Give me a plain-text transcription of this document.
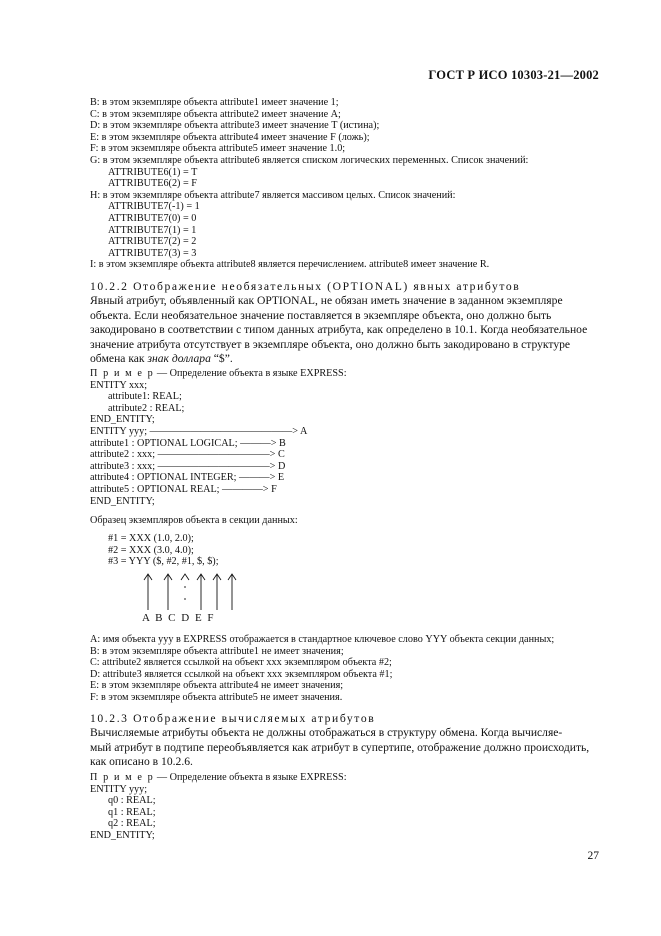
ГОСТ Р ИСО 10303-21—2002
B: в этом экземпляре объекта attribute1 имеет значение 1;
C: в этом экземпляре объекта attribute2 имеет значение A;
D: в этом экземпляре объекта attribute3 имеет значение T (истина);
E: в этом экземпляре объекта attribute4 имеет значение F (ложь);
F: в этом экземпляре объекта attribute5 имеет значение 1.0;
G: в этом экземпляре объекта attribute6 является списком логических переменных. Список значений:
ATTRIBUTE6(1) = T
ATTRIBUTE6(2) = F
H: в этом экземпляре объекта attribute7 является массивом целых. Список значений:
ATTRIBUTE7(-1) = 1
ATTRIBUTE7(0) = 0
ATTRIBUTE7(1) = 1
ATTRIBUTE7(2) = 2
ATTRIBUTE7(3) = 3
I: в этом экземпляре объекта attribute8 является перечислением. attribute8 имеет значение R.
10.2.2 Отображение необязательных (OPTIONAL) явных атрибутов
Явный атрибут, объявленный как OPTIONAL, не обязан иметь значение в заданном экземпляре
объекта. Если необязательное значение поставляется в экземпляре объекта, оно должно быть
закодировано в соответствии с типом данных атрибута, как определено в 10.1. Когда необязательное
значение атрибута отсутствует в экземпляре объекта, оно должно быть закодировано в структуре
обмена как знак доллара “$”.
П р и м е р — Определение объекта в языке EXPRESS:
ENTITY xxx;
attribute1: REAL;
attribute2 : REAL;
END_ENTITY;
ENTITY yyy; ——————————————> A
attribute1 : OPTIONAL LOGICAL; ———> B
attribute2 : xxx; ———————————> C
attribute3 : xxx; ———————————> D
attribute4 : OPTIONAL INTEGER; ———> E
attribute5 : OPTIONAL REAL; ————> F
END_ENTITY;
Образец экземпляров объекта в секции данных:
#1 = XXX (1.0, 2.0);
#2 = XXX (3.0, 4.0);
#3 = YYY ($, #2, #1, $, $);
A B C D E F
A: имя объекта yyy в EXPRESS отображается в стандартное ключевое слово YYY объекта секции данных;
B: в этом экземпляре объекта attribute1 не имеет значения;
C: attribute2 является ссылкой на объект xxx экземпляром объекта #2;
D: attribute3 является ссылкой на объект xxx экземпляром объекта #1;
E: в этом экземпляре объекта attribute4 не имеет значения;
F: в этом экземпляре объекта attribute5 не имеет значения.
10.2.3 Отображение вычисляемых атрибутов
Вычисляемые атрибуты объекта не должны отображаться в структуру обмена. Когда вычисляе-
мый атрибут в подтипе переобъявляется как атрибут в супертипе, отображение должно происходить,
как описано в 10.2.6.
П р и м е р — Определение объекта в языке EXPRESS:
ENTITY yyy;
q0 : REAL;
q1 : REAL;
q2 : REAL;
END_ENTITY;
27
